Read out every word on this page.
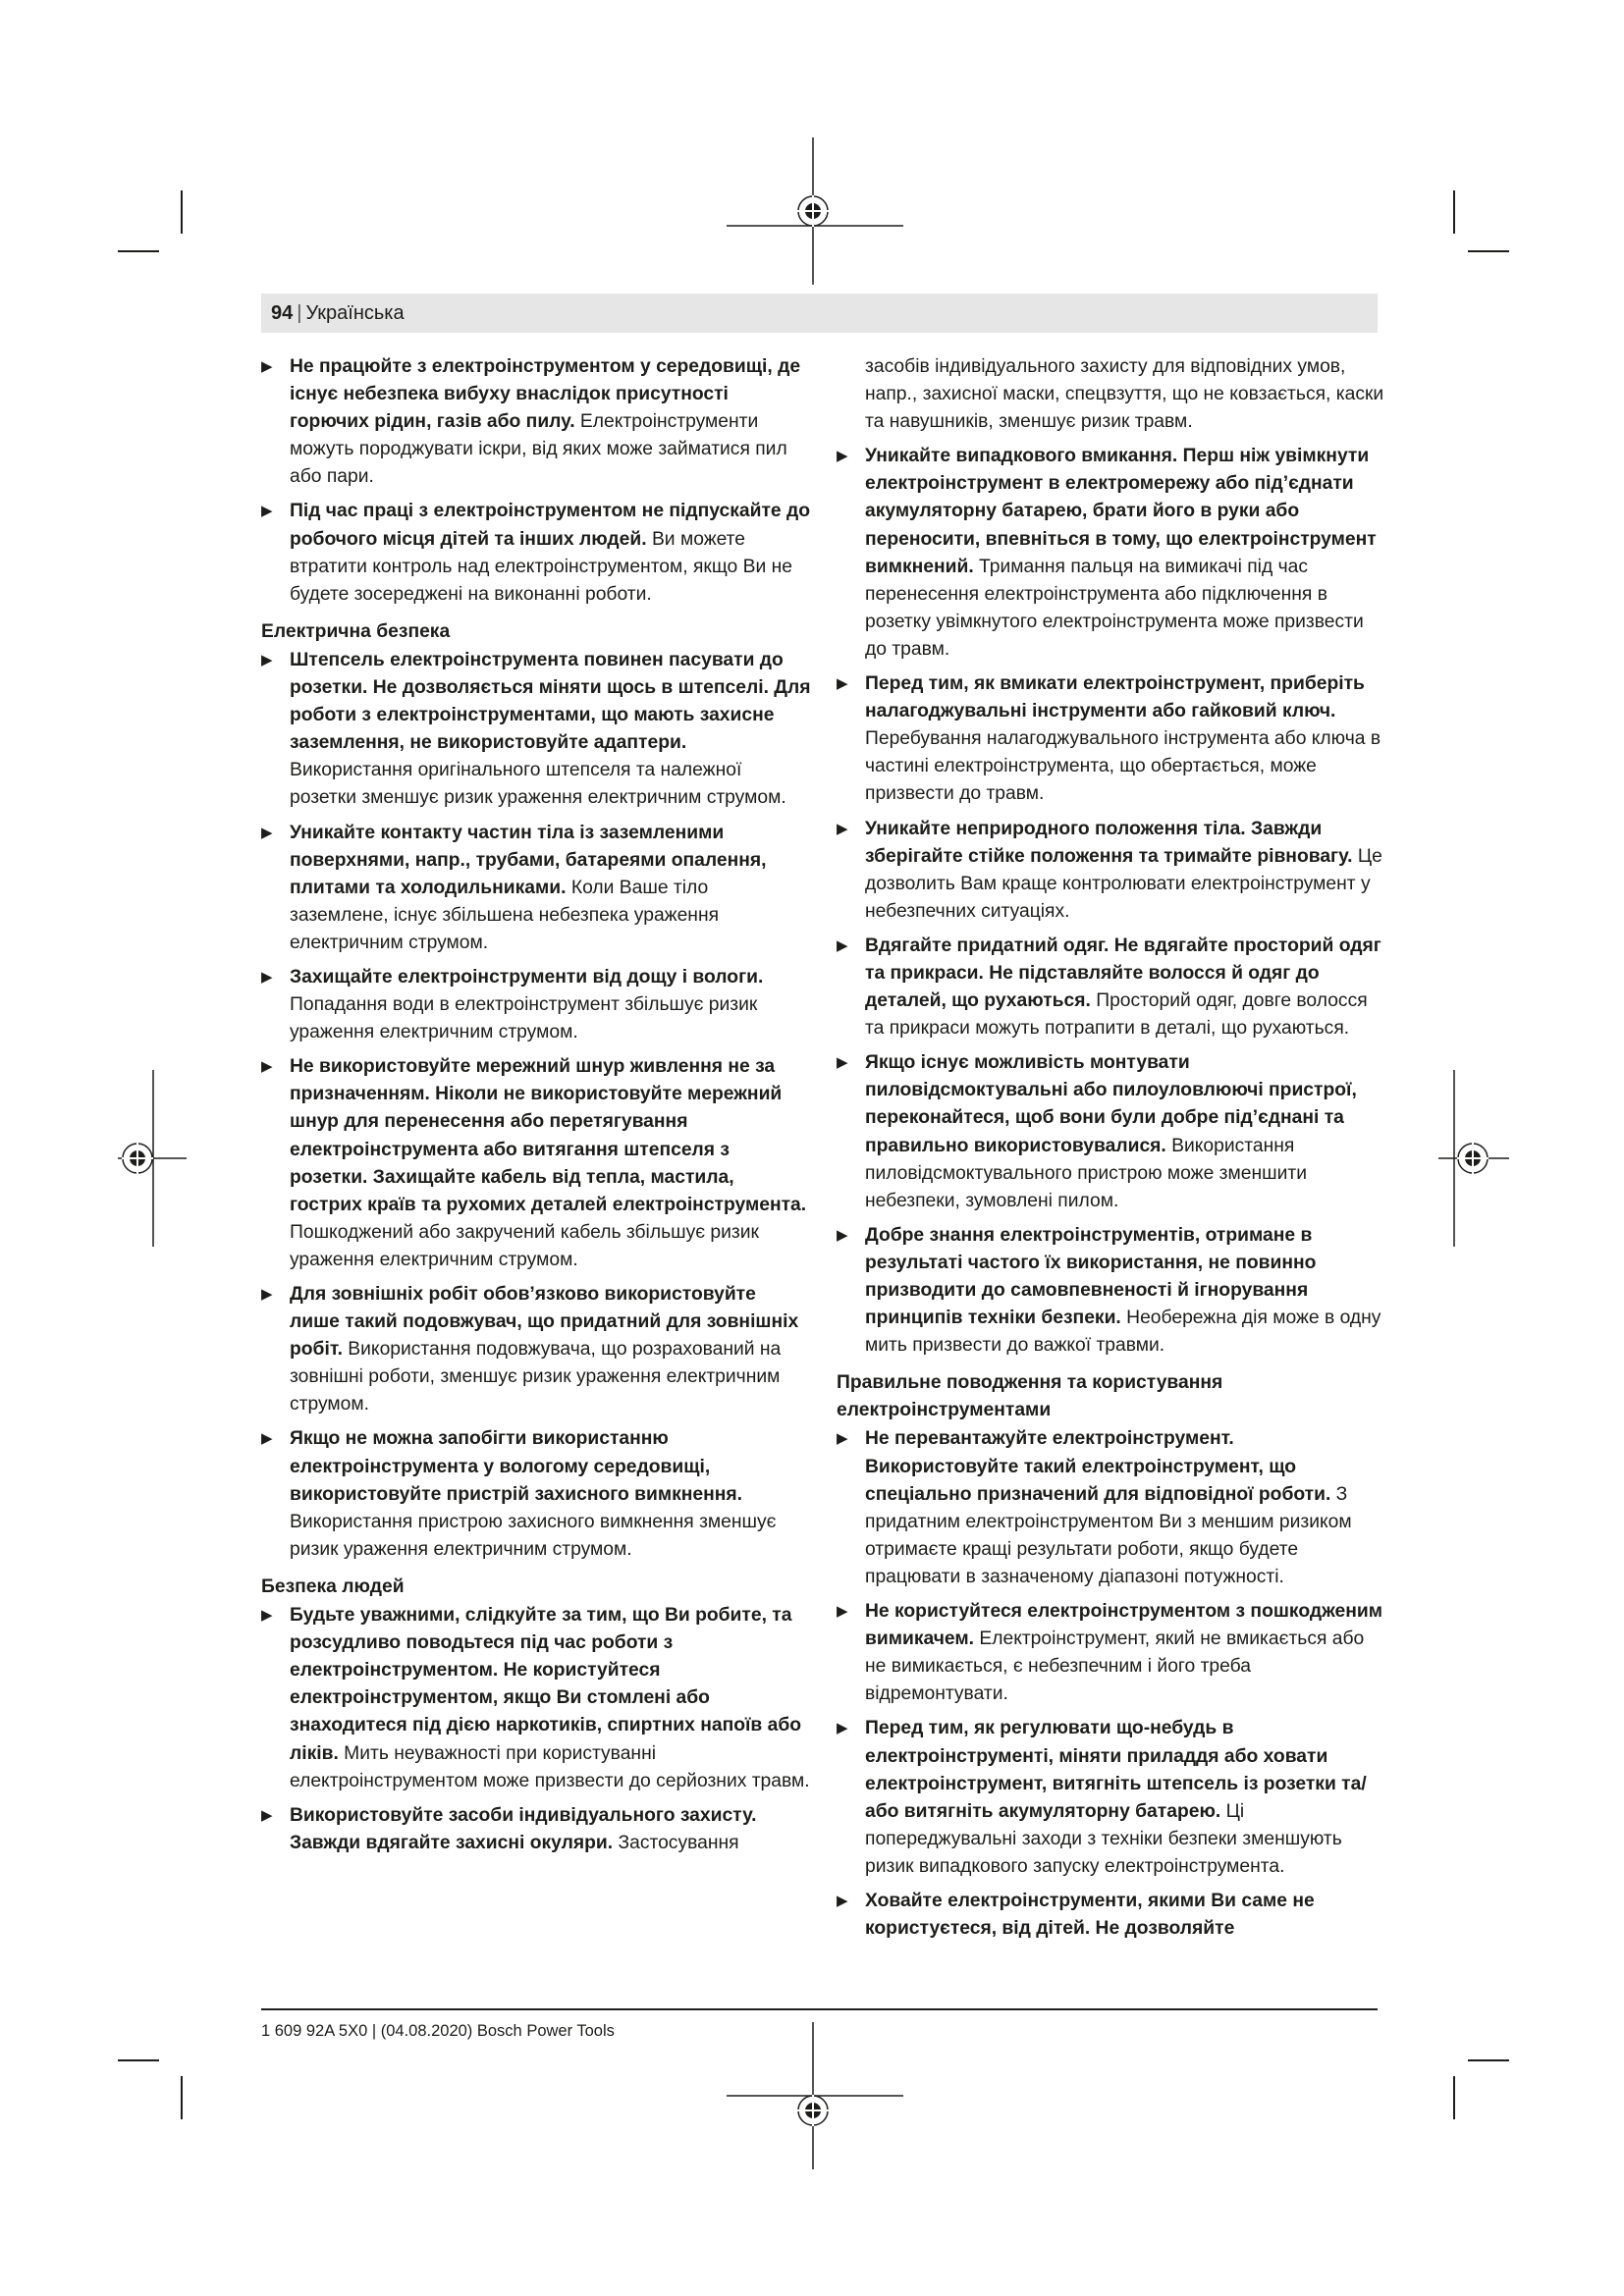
94 | Українська
▶ Не працюйте з електроінструментом у середовищі, де існує небезпека вибуху внаслідок присутності горючих рідин, газів або пилу. Електроінструменти можуть породжувати іскри, від яких може займатися пил або пари.
▶ Під час праці з електроінструментом не підпускайте до робочого місця дітей та інших людей. Ви можете втратити контроль над електроінструментом, якщо Ви не будете зосереджені на виконанні роботи.
Електрична безпека
▶ Штепсель електроінструмента повинен пасувати до розетки. Не дозволяється міняти щось в штепселі. Для роботи з електроінструментами, що мають захисне заземлення, не використовуйте адаптери. Використання оригінального штепселя та належної розетки зменшує ризик ураження електричним струмом.
▶ Уникайте контакту частин тіла із заземленими поверхнями, напр., трубами, батареями опалення, плитами та холодильниками. Коли Ваше тіло заземлене, існує збільшена небезпека ураження електричним струмом.
▶ Захищайте електроінструменти від дощу і вологи. Попадання води в електроінструмент збільшує ризик ураження електричним струмом.
▶ Не використовуйте мережний шнур живлення не за призначенням. Ніколи не використовуйте мережний шнур для перенесення або перетягування електроінструмента або витягання штепселя з розетки. Захищайте кабель від тепла, мастила, гострих країв та рухомих деталей електроінструмента. Пошкоджений або закручений кабель збільшує ризик ураження електричним струмом.
▶ Для зовнішніх робіт обов’язково використовуйте лише такий подовжувач, що придатний для зовнішніх робіт. Використання подовжувача, що розрахований на зовнішні роботи, зменшує ризик ураження електричним струмом.
▶ Якщо не можна запобігти використанню електроінструмента у вологому середовищі, використовуйте пристрій захисного вимкнення. Використання пристрою захисного вимкнення зменшує ризик ураження електричним струмом.
Безпека людей
▶ Будьте уважними, слідкуйте за тим, що Ви робите, та розсудливо поводьтеся під час роботи з електроінструментом. Не користуйтеся електроінструментом, якщо Ви стомлені або знаходитеся під дією наркотиків, спиртних напоїв або ліків. Мить неуважності при користуванні електроінструментом може призвести до серйозних травм.
▶ Використовуйте засоби індивідуального захисту. Завжди вдягайте захисні окуляри. Застосування
засобів індивідуального захисту для відповідних умов, напр., захисної маски, спецвзуття, що не ковзається, каски та навушників, зменшує ризик травм.
▶ Уникайте випадкового вмикання. Перш ніж увімкнути електроінструмент в електромережу або під’єднати акумуляторну батарею, брати його в руки або переносити, впевніться в тому, що електроінструмент вимкнений. Тримання пальця на вимикачі під час перенесення електроінструмента або підключення в розетку увімкнутого електроінструмента може призвести до травм.
▶ Перед тим, як вмикати електроінструмент, приберіть налагоджувальні інструменти або гайковий ключ. Перебування налагоджувального інструмента або ключа в частині електроінструмента, що обертається, може призвести до травм.
▶ Уникайте неприродного положення тіла. Завжди зберігайте стійке положення та тримайте рівновагу. Це дозволить Вам краще контролювати електроінструмент у небезпечних ситуаціях.
▶ Вдягайте придатний одяг. Не вдягайте просторий одяг та прикраси. Не підставляйте волосся й одяг до деталей, що рухаються. Просторий одяг, довге волосся та прикраси можуть потрапити в деталі, що рухаються.
▶ Якщо існує можливість монтувати пиловідсмоктувальні або пилоуловлюючі пристрої, переконайтеся, щоб вони були добре під’єднані та правильно використовувалися. Використання пиловідсмоктувального пристрою може зменшити небезпеки, зумовлені пилом.
▶ Добре знання електроінструментів, отримане в результаті частого їх використання, не повинно призводити до самовпевненості й ігнорування принципів техніки безпеки. Необережна дія може в одну мить призвести до важкої травми.
Правильне поводження та користування електроінструментами
▶ Не перевантажуйте електроінструмент. Використовуйте такий електроінструмент, що спеціально призначений для відповідної роботи. З придатним електроінструментом Ви з меншим ризиком отримаєте кращі результати роботи, якщо будете працювати в зазначеному діапазоні потужності.
▶ Не користуйтеся електроінструментом з пошкодженим вимикачем. Електроінструмент, який не вмикається або не вимикається, є небезпечним і його треба відремонтувати.
▶ Перед тим, як регулювати що-небудь в електроінструменті, міняти приладдя або ховати електроінструмент, витягніть штепсель із розетки та/або витягніть акумуляторну батарею. Ці попереджувальні заходи з техніки безпеки зменшують ризик випадкового запуску електроінструмента.
▶ Ховайте електроінструменти, якими Ви саме не користуєтеся, від дітей. Не дозволяйте
1 609 92A 5X0 | (04.08.2020) Bosch Power Tools
